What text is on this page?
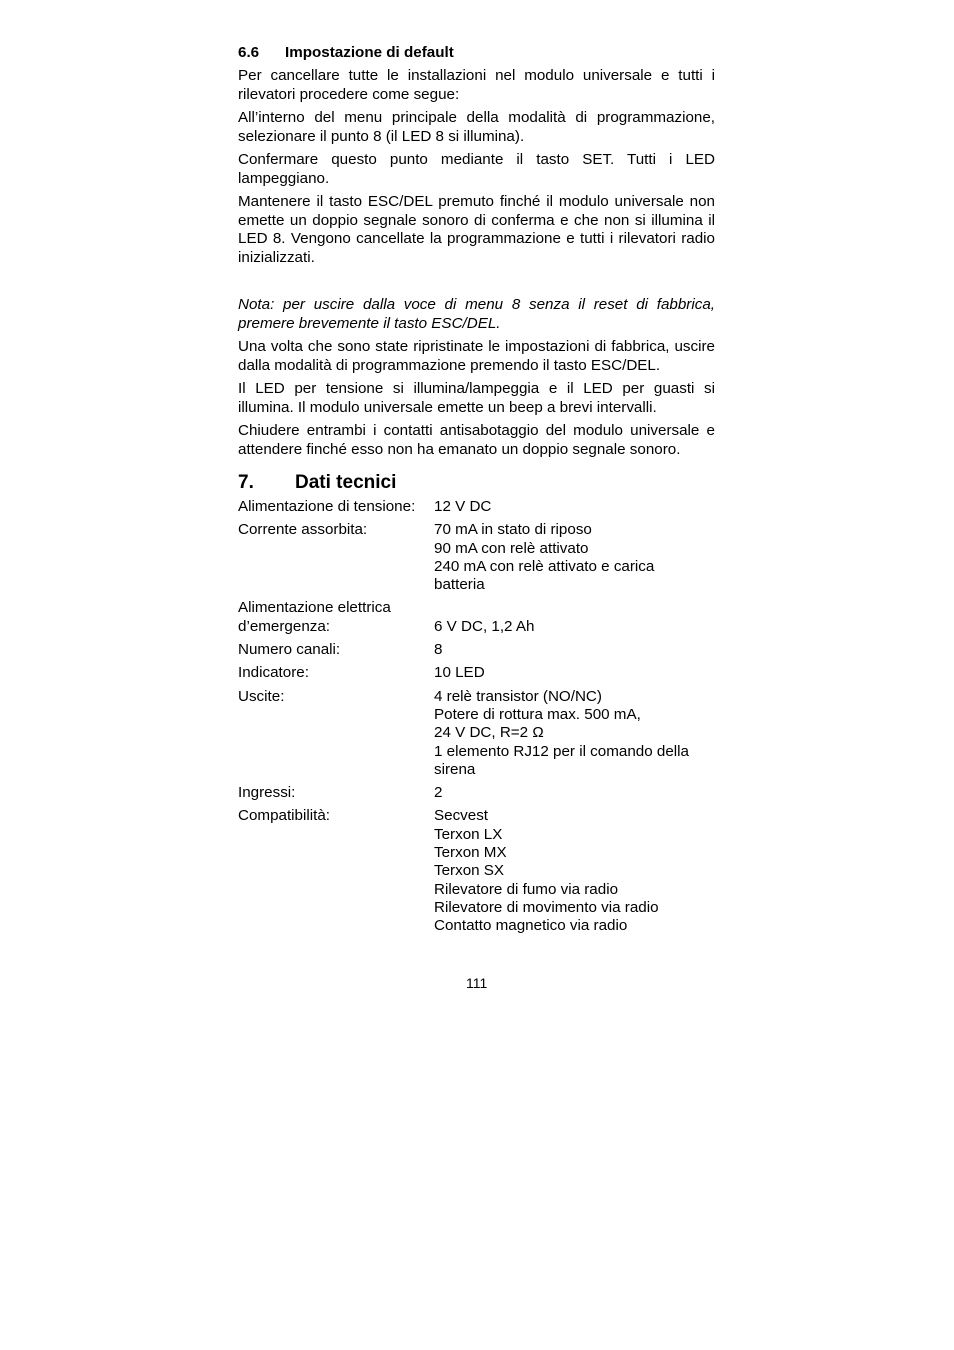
6.6 Impostazione di default

Per cancellare tutte le installazioni nel modulo universale e tutti i rilevatori procedere come segue:

All’interno del menu principale della modalità di programmazione, selezionare il punto 8 (il LED 8 si illumina).

Confermare questo punto mediante il tasto SET. Tutti i LED lampeggiano.

Mantenere il tasto ESC/DEL premuto finché il modulo universale non emette un doppio segnale sonoro di conferma e che non si illumina il LED 8. Vengono cancellate la programmazione e tutti i rilevatori radio inizializzati.

Nota: per uscire dalla voce di menu 8 senza il reset di fabbrica, premere brevemente il tasto ESC/DEL.

Una volta che sono state ripristinate le impostazioni di fabbrica, uscire dalla modalità di programmazione premendo il tasto ESC/DEL.

Il LED per tensione si illumina/lampeggia e il LED per guasti si illumina. Il modulo universale emette un beep a brevi intervalli.

Chiudere entrambi i contatti antisabotaggio del modulo universale e attendere finché esso non ha emanato un doppio segnale sonoro.

7. Dati tecnici
Alimentazione di tensione:	12 V DC
Corrente assorbita:	70 mA in stato di riposo
90 mA con relè attivato
240 mA con relè attivato e carica
batteria
Alimentazione elettrica
d’emergenza:	6 V DC, 1,2 Ah
Numero canali:	8
Indicatore:	10 LED
Uscite:	4 relè transistor (NO/NC)
Potere di rottura max. 500 mA,
24 V DC, R=2 Ω
1 elemento RJ12 per il comando della
sirena
Ingressi:	2
Compatibilità:	Secvest
Terxon LX
Terxon MX
Terxon SX
Rilevatore di fumo via radio
Rilevatore di movimento via radio
Contatto magnetico via radio
111
